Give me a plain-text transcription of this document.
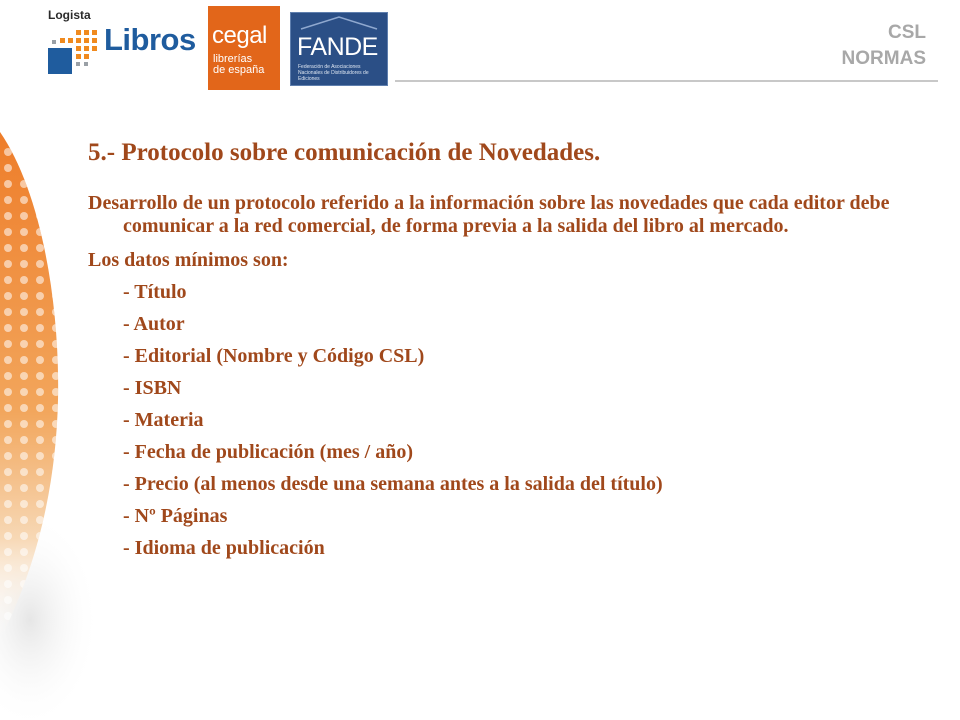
Logista
Libros cegal
librerías
de españa
FANDE
Federación de Asociaciones Nacionales de Distribuidores de Ediciones
CSL
NORMAS
5.- Protocolo sobre comunicación de Novedades.

Desarrollo de un protocolo referido a la información sobre las novedades que cada editor debe comunicar a la red comercial, de forma previa a la salida del libro al mercado.

Los datos mínimos son:

- Título
- Autor
- Editorial (Nombre y Código CSL)
- ISBN
- Materia
- Fecha de publicación (mes / año)
- Precio (al menos desde una semana antes a la salida del título)
- Nº Páginas
- Idioma de publicación
